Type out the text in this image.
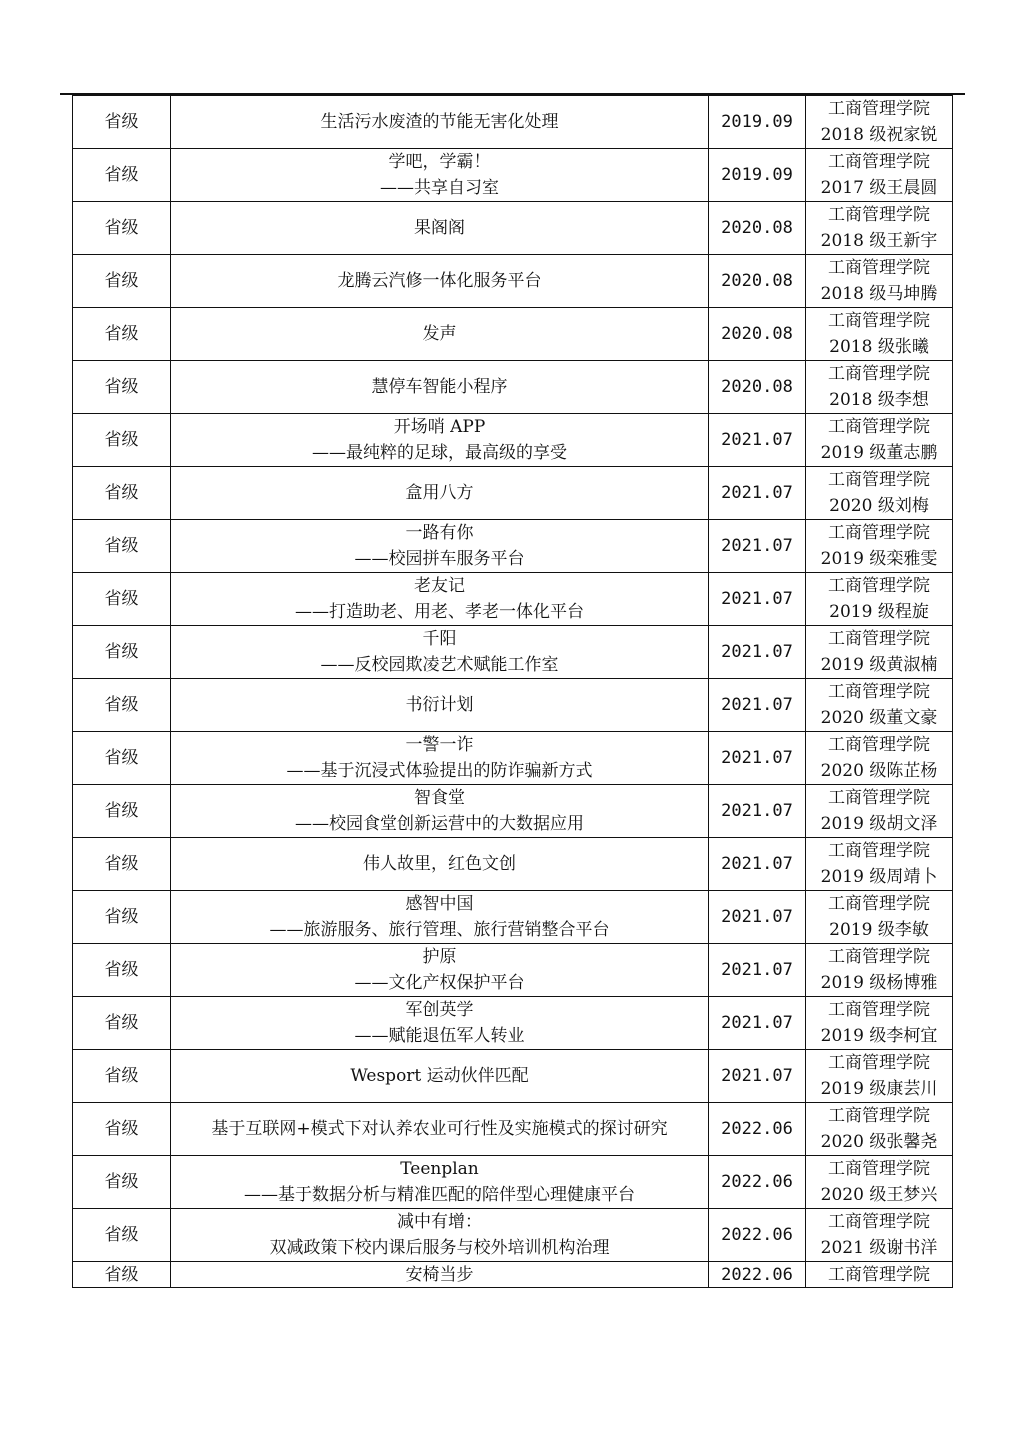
省级	生活污水废渣的节能无害化处理	2019.09	工商管理学院
2018 级祝家锐

省级	学吧，学霸！
——共享自习室	2019.09	工商管理学院
2017 级王晨圆

省级	果阁阁	2020.08	工商管理学院
2018 级王新宇

省级	龙腾云汽修一体化服务平台	2020.08	工商管理学院
2018 级马坤腾

省级	发声	2020.08	工商管理学院
2018 级张曦

省级	慧停车智能小程序	2020.08	工商管理学院
2018 级李想

省级	开场哨 APP
——最纯粹的足球，最高级的享受	2021.07	工商管理学院
2019 级董志鹏

省级	盒用八方	2021.07	工商管理学院
2020 级刘梅

省级	一路有你
——校园拼车服务平台	2021.07	工商管理学院
2019 级栾雅雯

省级	老友记
——打造助老、用老、孝老一体化平台	2021.07	工商管理学院
2019 级程旋

省级	千阳
——反校园欺凌艺术赋能工作室	2021.07	工商管理学院
2019 级黄淑楠

省级	书衍计划	2021.07	工商管理学院
2020 级董文豪

省级	一警一诈
——基于沉浸式体验提出的防诈骗新方式	2021.07	工商管理学院
2020 级陈芷杨

省级	智食堂
——校园食堂创新运营中的大数据应用	2021.07	工商管理学院
2019 级胡文泽

省级	伟人故里，红色文创	2021.07	工商管理学院
2019 级周靖卜

省级	感智中国
——旅游服务、旅行管理、旅行营销整合平台	2021.07	工商管理学院
2019 级李敏

省级	护原
——文化产权保护平台	2021.07	工商管理学院
2019 级杨博雅

省级	军创英学
——赋能退伍军人转业	2021.07	工商管理学院
2019 级李柯宜

省级	Wesport 运动伙伴匹配	2021.07	工商管理学院
2019 级康芸川

省级	基于互联网+模式下对认养农业可行性及实施模式的探讨研究	2022.06	工商管理学院
2020 级张馨尧

省级	Teenplan
——基于数据分析与精准匹配的陪伴型心理健康平台	2022.06	工商管理学院
2020 级王梦兴

省级	减中有增：
双减政策下校内课后服务与校外培训机构治理	2022.06	工商管理学院
2021 级谢书洋

省级	安椅当步	2022.06	工商管理学院
